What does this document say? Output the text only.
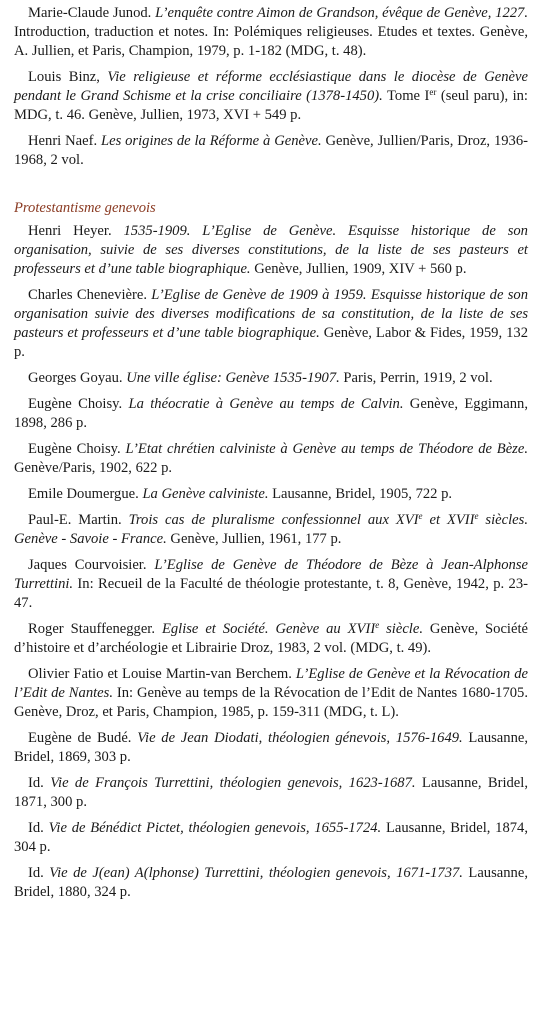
Marie-Claude Junod. L’enquête contre Aimon de Grandson, évêque de Genève, 1227. Introduction, traduction et notes. In: Polémiques religieuses. Etudes et textes. Genève, A. Jullien, et Paris, Champion, 1979, p. 1-182 (MDG, t. 48).

Louis Binz, Vie religieuse et réforme ecclésiastique dans le diocèse de Genève pendant le Grand Schisme et la crise conciliaire (1378-1450). Tome Ier (seul paru), in: MDG, t. 46. Genève, Jullien, 1973, XVI + 549 p.

Henri Naef. Les origines de la Réforme à Genève. Genève, Jullien/Paris, Droz, 1936-1968, 2 vol.

Protestantisme genevois

Henri Heyer. 1535-1909. L’Eglise de Genève. Esquisse historique de son organisation, suivie de ses diverses constitutions, de la liste de ses pasteurs et professeurs et d’une table biographique. Genève, Jullien, 1909, XIV + 560 p.

Charles Chenevière. L’Eglise de Genève de 1909 à 1959. Esquisse historique de son organisation suivie des diverses modifications de sa constitution, de la liste de ses pasteurs et professeurs et d’une table biographique. Genève, Labor & Fides, 1959, 132 p.

Georges Goyau. Une ville église: Genève 1535-1907. Paris, Perrin, 1919, 2 vol.

Eugène Choisy. La théocratie à Genève au temps de Calvin. Genève, Eggimann, 1898, 286 p.

Eugène Choisy. L’Etat chrétien calviniste à Genève au temps de Théodore de Bèze. Genève/Paris, 1902, 622 p.

Emile Doumergue. La Genève calviniste. Lausanne, Bridel, 1905, 722 p.

Paul-E. Martin. Trois cas de pluralisme confessionnel aux XVIe et XVIIe siècles. Genève - Savoie - France. Genève, Jullien, 1961, 177 p.

Jaques Courvoisier. L’Eglise de Genève de Théodore de Bèze à Jean-Alphonse Turrettini. In: Recueil de la Faculté de théologie protestante, t. 8, Genève, 1942, p. 23-47.

Roger Stauffenegger. Eglise et Société. Genève au XVIIe siècle. Genève, Société d’histoire et d’archéologie et Librairie Droz, 1983, 2 vol. (MDG, t. 49).

Olivier Fatio et Louise Martin-van Berchem. L’Eglise de Genève et la Révocation de l’Edit de Nantes. In: Genève au temps de la Révocation de l’Edit de Nantes 1680-1705. Genève, Droz, et Paris, Champion, 1985, p. 159-311 (MDG, t. L).

Eugène de Budé. Vie de Jean Diodati, théologien génevois, 1576-1649. Lausanne, Bridel, 1869, 303 p.

Id. Vie de François Turrettini, théologien genevois, 1623-1687. Lausanne, Bridel, 1871, 300 p.

Id. Vie de Bénédict Pictet, théologien genevois, 1655-1724. Lausanne, Bridel, 1874, 304 p.

Id. Vie de J(ean) A(lphonse) Turrettini, théologien genevois, 1671-1737. Lausanne, Bridel, 1880, 324 p.
